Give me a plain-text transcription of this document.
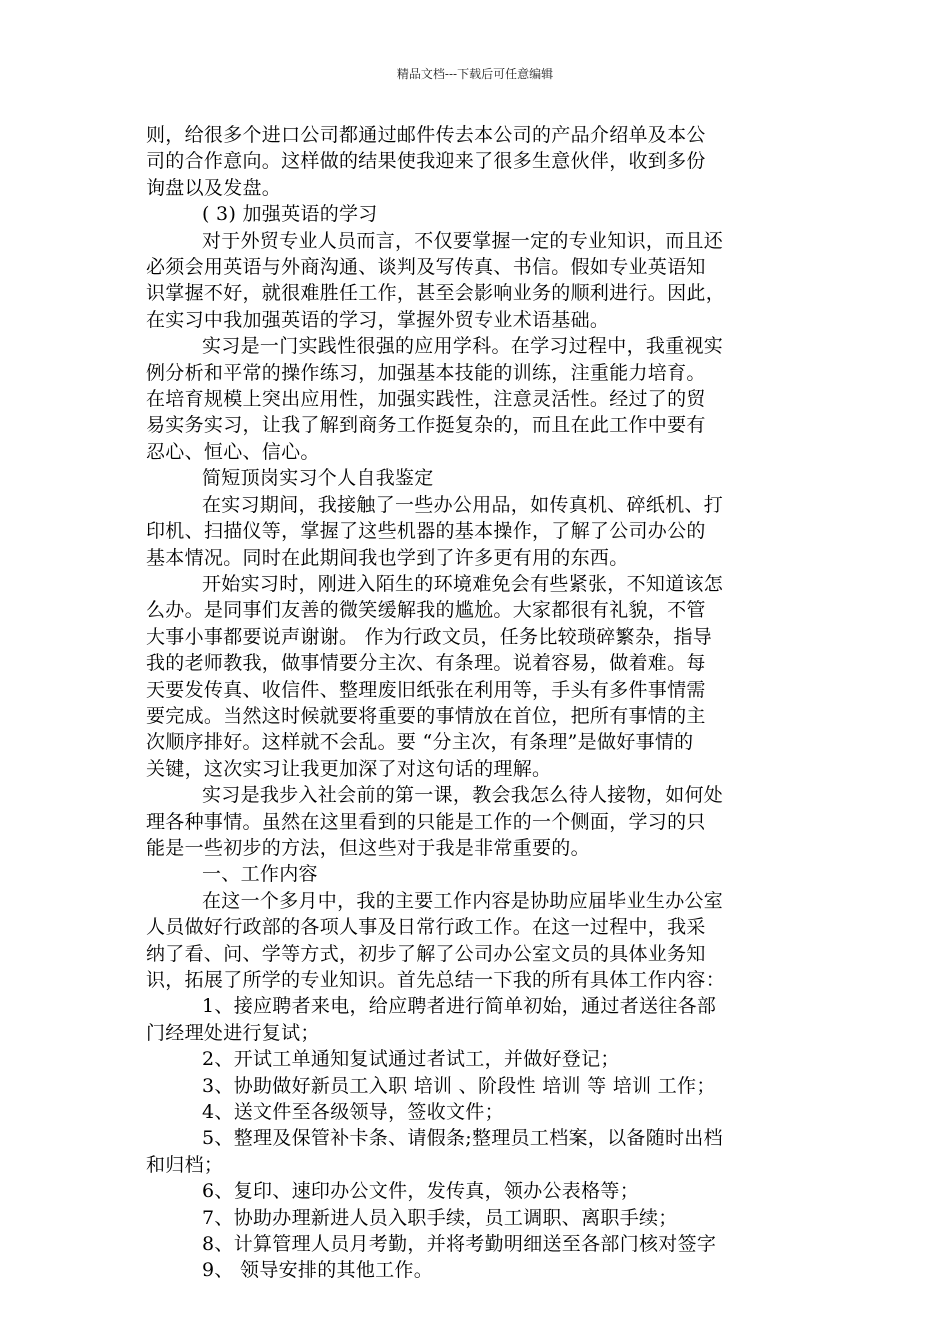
精品文档---下载后可任意编辑
则，给很多个进口公司都通过邮件传去本公司的产品介绍单及本公
司的合作意向。这样做的结果使我迎来了很多生意伙伴，收到多份
询盘以及发盘。
( 3) 加强英语的学习
对于外贸专业人员而言，不仅要掌握一定的专业知识，而且还
必须会用英语与外商沟通、谈判及写传真、书信。假如专业英语知
识掌握不好，就很难胜任工作，甚至会影响业务的顺利进行。因此，
在实习中我加强英语的学习，掌握外贸专业术语基础。
实习是一门实践性很强的应用学科。在学习过程中，我重视实
例分析和平常的操作练习，加强基本技能的训练，注重能力培育。
在培育规模上突出应用性，加强实践性，注意灵活性。经过了的贸
易实务实习，让我了解到商务工作挺复杂的，而且在此工作中要有
忍心、恒心、信心。
简短顶岗实习个人自我鉴定
在实习期间，我接触了一些办公用品，如传真机、碎纸机、打
印机、扫描仪等，掌握了这些机器的基本操作，了解了公司办公的
基本情况。同时在此期间我也学到了许多更有用的东西。
开始实习时，刚进入陌生的环境难免会有些紧张，不知道该怎
么办。是同事们友善的微笑缓解我的尴尬。大家都很有礼貌，不管
大事小事都要说声谢谢。 作为行政文员，任务比较琐碎繁杂，指导
我的老师教我，做事情要分主次、有条理。说着容易，做着难。每
天要发传真、收信件、整理废旧纸张在利用等，手头有多件事情需
要完成。当然这时候就要将重要的事情放在首位，把所有事情的主
次顺序排好。这样就不会乱。要 “分主次，有条理”是做好事情的
关键，这次实习让我更加深了对这句话的理解。
实习是我步入社会前的第一课，教会我怎么待人接物，如何处
理各种事情。虽然在这里看到的只能是工作的一个侧面，学习的只
能是一些初步的方法，但这些对于我是非常重要的。
一、工作内容
在这一个多月中，我的主要工作内容是协助应届毕业生办公室
人员做好行政部的各项人事及日常行政工作。在这一过程中，我采
纳了看、问、学等方式，初步了解了公司办公室文员的具体业务知
识，拓展了所学的专业知识。首先总结一下我的所有具体工作内容：
1、接应聘者来电，给应聘者进行简单初始，通过者送往各部
门经理处进行复试；
2、开试工单通知复试通过者试工，并做好登记；
3、协助做好新员工入职 培训 、阶段性 培训 等 培训 工作；
4、送文件至各级领导，签收文件；
5、整理及保管补卡条、请假条;整理员工档案，以备随时出档
和归档；
6、复印、速印办公文件，发传真，领办公表格等；
7、协助办理新进人员入职手续，员工调职、离职手续；
8、计算管理人员月考勤，并将考勤明细送至各部门核对签字
9、 领导安排的其他工作。
